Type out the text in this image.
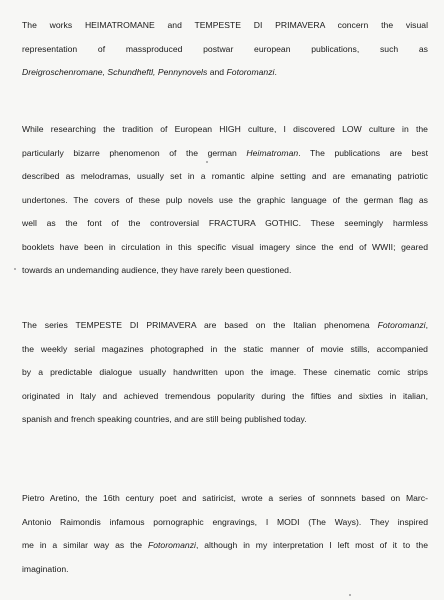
The works HEIMATROMANE and TEMPESTE DI PRIMAVERA concern the visual
representation of massproduced postwar european publications, such as
Dreigroschenromane, Schundheftl, Pennynovels and Fotoromanzi.

While researching the tradition of European HIGH culture, I discovered LOW culture in the
particularly bizarre phenomenon of the german Heimatroman. The publications are best
described as melodramas, usually set in a romantic alpine setting and are emanating patriotic
undertones. The covers of these pulp novels use the graphic language of the german flag as
well as the font of the controversial FRACTURA GOTHIC. These seemingly harmless
booklets have been in circulation in this specific visual imagery since the end of WWII; geared
towards an undemanding audience, they have rarely been questioned.

The series TEMPESTE DI PRIMAVERA are based on the Italian phenomena Fotoromanzi,
the weekly serial magazines photographed in the static manner of movie stills, accompanied
by a predictable dialogue usually handwritten upon the image. These cinematic comic strips
originated in Italy and achieved tremendous popularity during the fifties and sixties in italian,
spanish and french speaking countries, and are still being published today.

Pietro Aretino, the 16th century poet and satiricist, wrote a series of sonnnets based on Marc-
Antonio Raimondis infamous pornographic engravings, I MODI (The Ways). They inspired
me in a similar way as the Fotoromanzi, although in my interpretation I left most of it to the
imagination.
